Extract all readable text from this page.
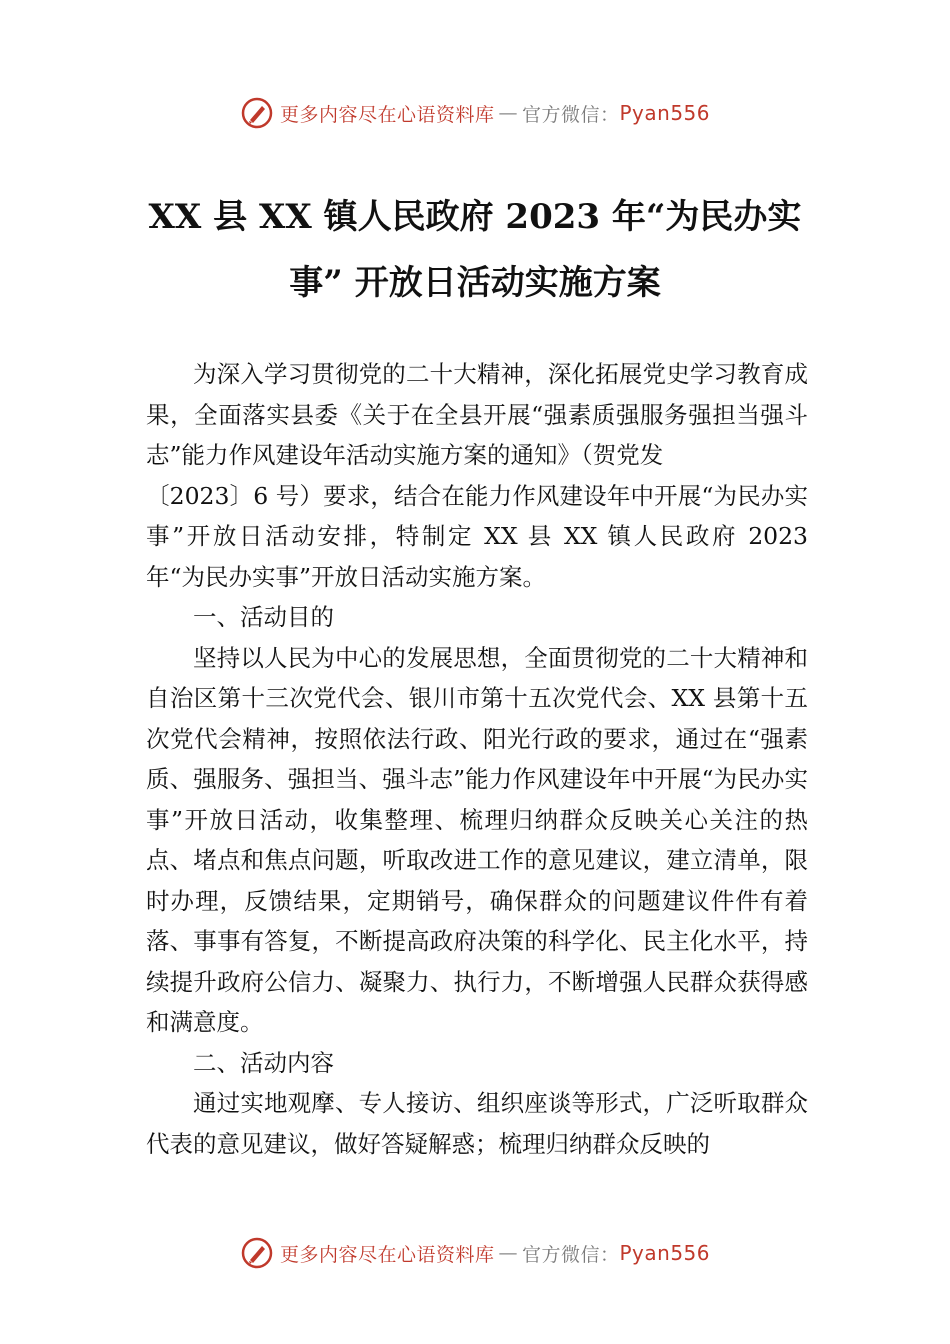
更多内容尽在心语资料库 — 官方微信： Pyan556
XX 县 XX 镇人民政府 2023 年“为民办实
事” 开放日活动实施方案

为深入学习贯彻党的二十大精神，深化拓展党史学习教育成果，全面落实县委《关于在全县开展“强素质强服务强担当强斗志”能力作风建设年活动实施方案的通知》（贺党发

〔2023〕6 号）要求，结合在能力作风建设年中开展“为民办实事”开放日活动安排，特制定 XX 县 XX 镇人民政府 2023 年“为民办实事”开放日活动实施方案。

一、活动目的

坚持以人民为中心的发展思想，全面贯彻党的二十大精神和自治区第十三次党代会、银川市第十五次党代会、XX 县第十五次党代会精神，按照依法行政、阳光行政的要求，通过在“强素质、强服务、强担当、强斗志”能力作风建设年中开展“为民办实事”开放日活动，收集整理、梳理归纳群众反映关心关注的热点、堵点和焦点问题，听取改进工作的意见建议，建立清单，限时办理，反馈结果，定期销号，确保群众的问题建议件件有着落、事事有答复，不断提高政府决策的科学化、民主化水平，持续提升政府公信力、凝聚力、执行力，不断增强人民群众获得感和满意度。

二、活动内容

通过实地观摩、专人接访、组织座谈等形式，广泛听取群众代表的意见建议，做好答疑解惑；梳理归纳群众反映的

更多内容尽在心语资料库 — 官方微信： Pyan556
